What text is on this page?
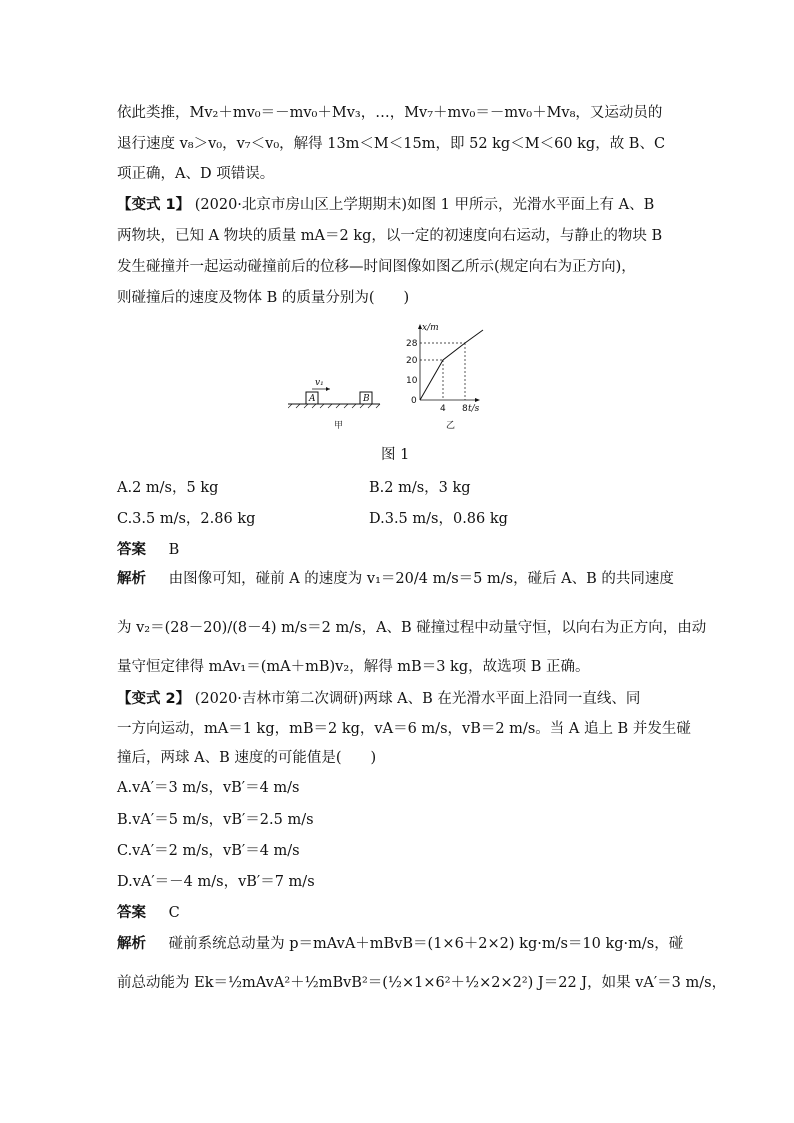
依此类推，Mv₂＋mv₀＝－mv₀＋Mv₃，…，Mv₇＋mv₀＝－mv₀＋Mv₈，又运动员的
退行速度 v₈＞v₀，v₇＜v₀，解得 13m＜M＜15m，即 52 kg＜M＜60 kg，故 B、C
项正确，A、D 项错误。
【变式 1】 (2020·北京市房山区上学期期末)如图 1 甲所示，光滑水平面上有 A、B
两物块，已知 A 物块的质量 mA＝2 kg，以一定的初速度向右运动，与静止的物块 B
发生碰撞并一起运动碰撞前后的位移—时间图像如图乙所示(规定向右为正方向)，
则碰撞后的速度及物体 B 的质量分别为(　　)
A	B
v₁
甲
x/m
t/s
0
28
20
10
4 8
乙
图 1
A.2 m/s，5 kg	B.2 m/s，3 kg
C.3.5 m/s，2.86 kg	D.3.5 m/s，0.86 kg
答案 B
解析 由图像可知，碰前 A 的速度为 v₁＝20/4 m/s＝5 m/s，碰后 A、B 的共同速度
为 v₂＝(28－20)/(8－4) m/s＝2 m/s，A、B 碰撞过程中动量守恒，以向右为正方向，由动
量守恒定律得 mAv₁＝(mA＋mB)v₂，解得 mB＝3 kg，故选项 B 正确。
【变式 2】 (2020·吉林市第二次调研)两球 A、B 在光滑水平面上沿同一直线、同
一方向运动，mA＝1 kg，mB＝2 kg，vA＝6 m/s，vB＝2 m/s。当 A 追上 B 并发生碰
撞后，两球 A、B 速度的可能值是(　　)
A.vA′＝3 m/s，vB′＝4 m/s
B.vA′＝5 m/s，vB′＝2.5 m/s
C.vA′＝2 m/s，vB′＝4 m/s
D.vA′＝－4 m/s，vB′＝7 m/s
答案 C
解析 碰前系统总动量为 p＝mAvA＋mBvB＝(1×6＋2×2) kg·m/s＝10 kg·m/s，碰
前总动能为 Ek＝½mAvA²＋½mBvB²＝(½×1×6²＋½×2×2²) J＝22 J，如果 vA′＝3 m/s，
